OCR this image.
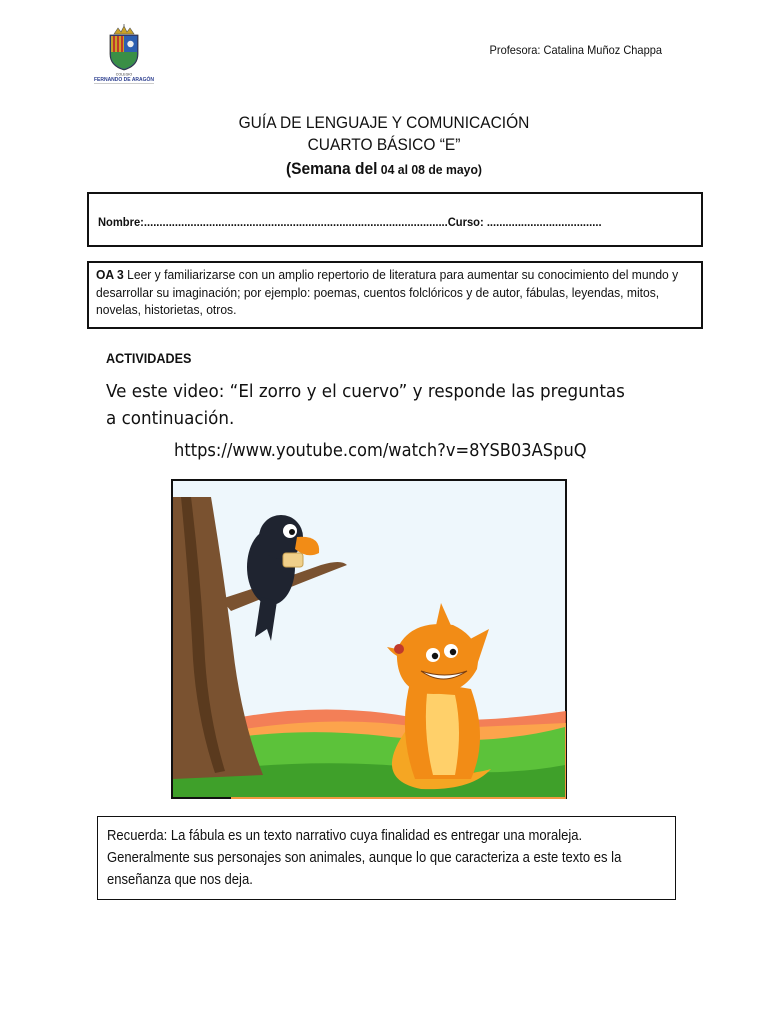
COLEGIO
FERNANDO DE ARAGÓN
Profesora: Catalina Muñoz Chappa
GUÍA DE LENGUAJE Y COMUNICACIÓN
CUARTO BÁSICO “E”
(Semana del 04 al 08 de mayo)
Nombre:..................................................................................................Curso: .....................................
OA 3 Leer y familiarizarse con un amplio repertorio de literatura para aumentar su conocimiento del mundo y desarrollar su imaginación; por ejemplo: poemas, cuentos folclóricos y de autor, fábulas, leyendas, mitos, novelas, historietas, otros.
ACTIVIDADES
Ve este video: “El zorro y el cuervo” y responde las preguntas a continuación.
https://www.youtube.com/watch?v=8YSB03ASpuQ
Recuerda: La fábula es un texto narrativo cuya finalidad es entregar una moraleja. Generalmente sus personajes son animales, aunque lo que caracteriza a este texto es la enseñanza que nos deja.
